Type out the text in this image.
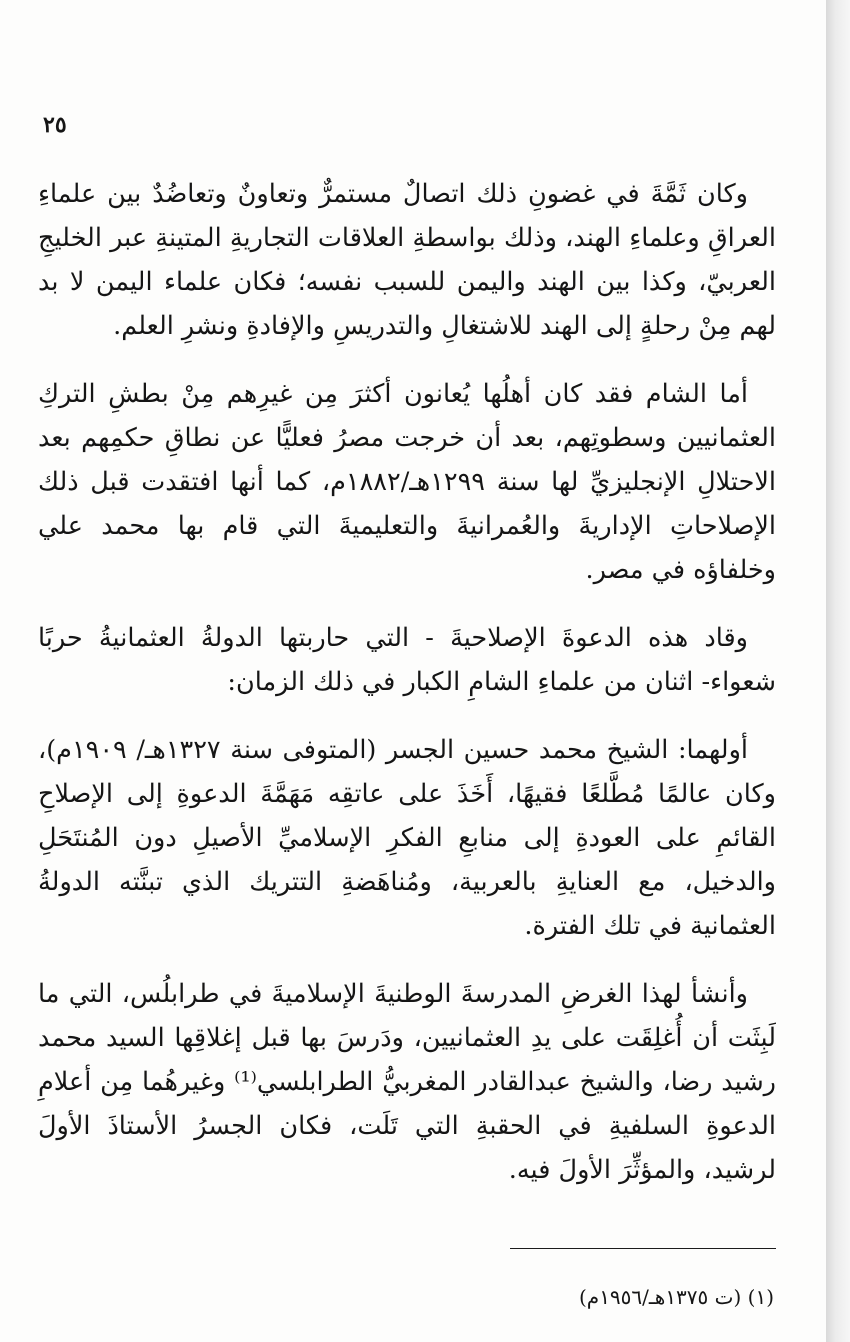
٢٥

وكان ثَمَّةَ في غضونِ ذلك اتصالٌ مستمرٌّ وتعاونٌ وتعاضُدٌ بين علماءِ العراقِ وعلماءِ الهند، وذلك بواسطةِ العلاقات التجاريةِ المتينةِ عبر الخليجِ العربيّ، وكذا بين الهند واليمن للسبب نفسه؛ فكان علماء اليمن لا بد لهم مِنْ رحلةٍ إلى الهند للاشتغالِ والتدريسِ والإفادةِ ونشرِ العلم.

أما الشام فقد كان أهلُها يُعانون أكثرَ مِن غيرِهم مِنْ بطشِ التركِ العثمانيين وسطوتِهم، بعد أن خرجت مصرُ فعليًّا عن نطاقِ حكمِهم بعد الاحتلالِ الإنجليزيِّ لها سنة ١٢٩٩هـ/١٨٨٢م، كما أنها افتقدت قبل ذلك الإصلاحاتِ الإداريةَ والعُمرانيةَ والتعليميةَ التي قام بها محمد علي وخلفاؤه في مصر.

وقاد هذه الدعوةَ الإصلاحيةَ - التي حاربتها الدولةُ العثمانيةُ حربًا شعواء- اثنان من علماءِ الشامِ الكبار في ذلك الزمان:

أولهما: الشيخ محمد حسين الجسر (المتوفى سنة ١٣٢٧هـ/ ١٩٠٩م)، وكان عالمًا مُطَّلعًا فقيهًا، أَخَذَ على عاتقِه مَهَمَّةَ الدعوةِ إلى الإصلاحِ القائمِ على العودةِ إلى منابعِ الفكرِ الإسلاميِّ الأصيلِ دون المُنتَحَلِ والدخيل، مع العنايةِ بالعربية، ومُناهَضةِ التتريك الذي تبنَّته الدولةُ العثمانية في تلك الفترة.

وأنشأ لهذا الغرضِ المدرسةَ الوطنيةَ الإسلاميةَ في طرابلُس، التي ما لَبِثَت أن أُغلِقَت على يدِ العثمانيين، ودَرسَ بها قبل إغلاقِها السيد محمد رشيد رضا، والشيخ عبدالقادر المغربيُّ الطرابلسي⁽¹⁾ وغيرهُما مِن أعلامِ الدعوةِ السلفيةِ في الحقبةِ التي تَلَت، فكان الجسرُ الأستاذَ الأولَ لرشيد، والمؤثِّرَ الأولَ فيه.

(١) (ت ١٣٧٥هـ/١٩٥٦م)
